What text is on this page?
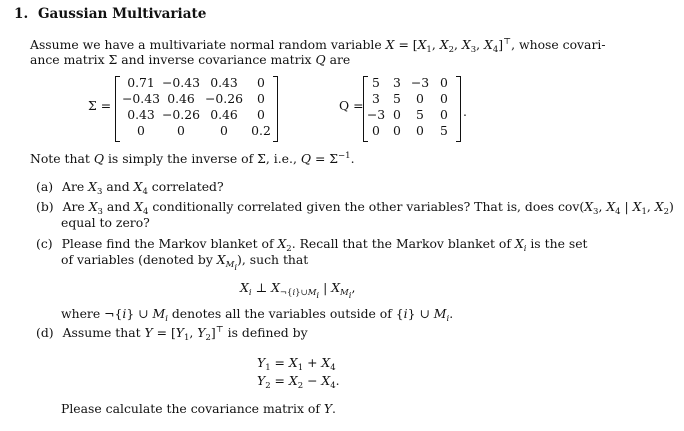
1. Gaussian Multivariate
Assume we have a multivariate normal random variable $X = [X_1$, $X_2$, $X_3$, $X_4]^⊤$, whose covari-
ance matrix Σ and inverse covariance matrix Q are
Σ =
0.71 −0.43 0.43	0
−0.43 0.46 −0.26	0
0.43 −0.26 0.46	0
0	0	0	0.2
Q =
5	3 −3 0
3	5	0	0
−3 0	5	0
0	0	0	5
.
Note that Q is simply the inverse of Σ, i.e., $Q = \Sigma^{-1}$.
(a) Are $X_3$ and $X_4$ correlated?
(b) Are $X_3$ and $X_4$ conditionally correlated given the other variables? That is, does $cov(X_3$, $X_4$ | $X_1$, $X_2$)
equal to zero?
(c) Please find the Markov blanket of $X_2$. Recall that the Markov blanket of $X_i$ is the set
of variables (denoted by $X_{M_i}$), such that
$X_i$ ⊥ $X_{\neg\{i\}\cup M_i}$ | $X_{M_i}$,
where ¬{i} ∪ $M_i$ denotes all the variables outside of {i} ∪ $M_i$.
(d) Assume that $Y = [Y_1$, $Y_2]^⊤$ is defined by
$Y_1 = X_1 + X_4$
$Y_2 = X_2 - X_4$.
Please calculate the covariance matrix of Y.
